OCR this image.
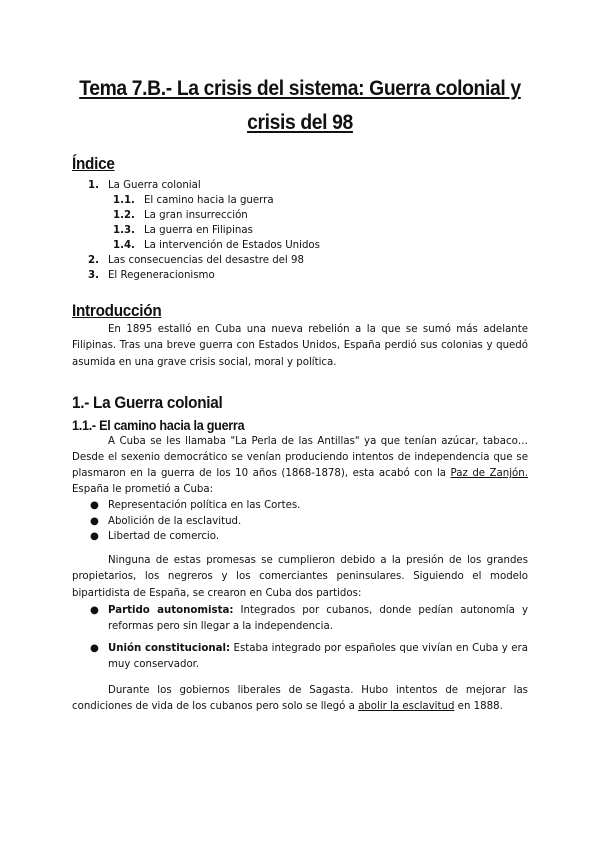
Tema 7.B.- La crisis del sistema: Guerra colonial y
crisis del 98
Índice
1. La Guerra colonial
1.1. El camino hacia la guerra
1.2. La gran insurrección
1.3. La guerra en Filipinas
1.4. La intervención de Estados Unidos
2. Las consecuencias del desastre del 98
3. El Regeneracionismo
Introducción

En 1895 estalló en Cuba una nueva rebelión a la que se sumó más adelante Filipinas. Tras una breve guerra con Estados Unidos, España perdió sus colonias y quedó asumida en una grave crisis social, moral y política.

1.- La Guerra colonial
1.1.- El camino hacia la guerra

A Cuba se les llamaba "La Perla de las Antillas" ya que tenían azúcar, tabaco… Desde el sexenio democrático se venían produciendo intentos de independencia que se plasmaron en la guerra de los 10 años (1868-1878), esta acabó con la Paz de Zanjón. España le prometió a Cuba:

● Representación política en las Cortes.
● Abolición de la esclavitud.
● Libertad de comercio.

Ninguna de estas promesas se cumplieron debido a la presión de los grandes propietarios, los negreros y los comerciantes peninsulares. Siguiendo el modelo bipartidista de España, se crearon en Cuba dos partidos:

● Partido autonomista: Integrados por cubanos, donde pedían autonomía y reformas pero sin llegar a la independencia.
● Unión constitucional: Estaba integrado por españoles que vivían en Cuba y era muy conservador.

Durante los gobiernos liberales de Sagasta. Hubo intentos de mejorar las condiciones de vida de los cubanos pero solo se llegó a abolir la esclavitud en 1888.
